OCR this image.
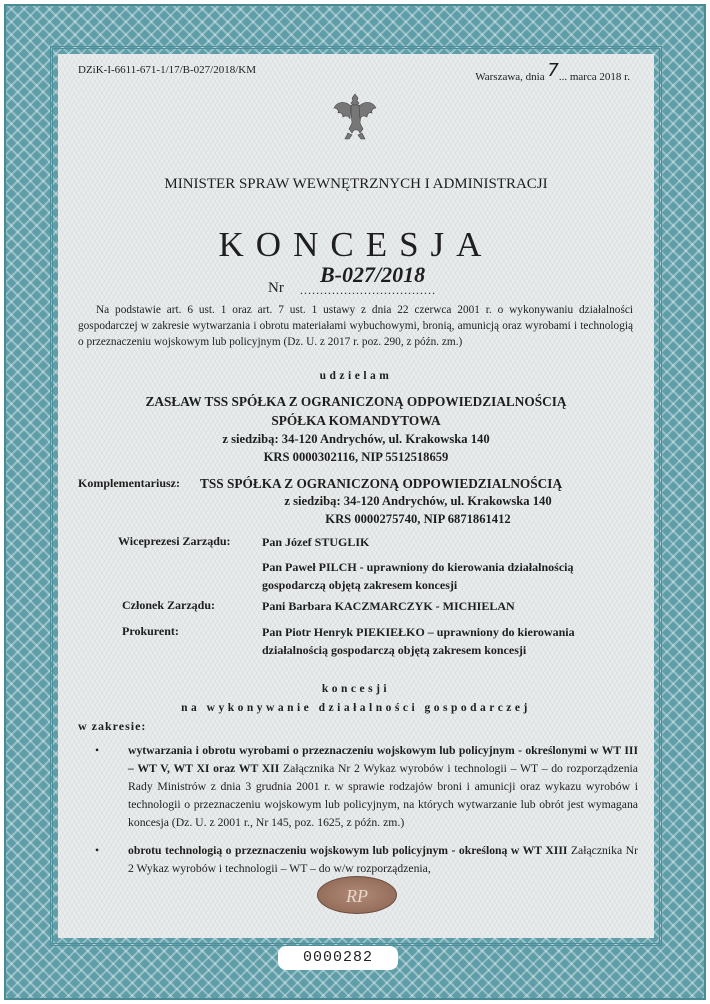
DZiK-I-6611-671-1/17/B-027/2018/KM
Warszawa, dnia 7... marca 2018 r.
MINISTER SPRAW WEWNĘTRZNYCH I ADMINISTRACJI
KONCESJA
Nr ..................................
B-027/2018
Na podstawie art. 6 ust. 1 oraz art. 7 ust. 1 ustawy z dnia 22 czerwca 2001 r. o wykonywaniu działalności gospodarczej w zakresie wytwarzania i obrotu materiałami wybuchowymi, bronią, amunicją oraz wyrobami i technologią o przeznaczeniu wojskowym lub policyjnym (Dz. U. z 2017 r. poz. 290, z późn. zm.)
udzielam
ZASŁAW TSS SPÓŁKA Z OGRANICZONĄ ODPOWIEDZIALNOŚCIĄ
SPÓŁKA KOMANDYTOWA
z siedzibą: 34-120 Andrychów, ul. Krakowska 140
KRS 0000302116, NIP 5512518659
Komplementariusz: TSS SPÓŁKA Z OGRANICZONĄ ODPOWIEDZIALNOŚCIĄ
z siedzibą: 34-120 Andrychów, ul. Krakowska 140
KRS 0000275740, NIP 6871861412
Wiceprezesi Zarządu:	Pan Józef STUGLIK
Pan Paweł PILCH - uprawniony do kierowania działalnością gospodarczą objętą zakresem koncesji
Członek Zarządu:	Pani Barbara KACZMARCZYK - MICHIELAN
Prokurent:	Pan Piotr Henryk PIEKIEŁKO – uprawniony do kierowania działalnością gospodarczą objętą zakresem koncesji
koncesji
na wykonywanie działalności gospodarczej
w zakresie:
• wytwarzania i obrotu wyrobami o przeznaczeniu wojskowym lub policyjnym - określonymi w WT III – WT V, WT XI oraz WT XII Załącznika Nr 2 Wykaz wyrobów i technologii – WT – do rozporządzenia Rady Ministrów z dnia 3 grudnia 2001 r. w sprawie rodzajów broni i amunicji oraz wykazu wyrobów i technologii o przeznaczeniu wojskowym lub policyjnym, na których wytwarzanie lub obrót jest wymagana koncesja (Dz. U. z 2001 r., Nr 145, poz. 1625, z późn. zm.)
• obrotu technologią o przeznaczeniu wojskowym lub policyjnym - określoną w WT XIII Załącznika Nr 2 Wykaz wyrobów i technologii – WT – do w/w rozporządzenia,
RP
0000282
